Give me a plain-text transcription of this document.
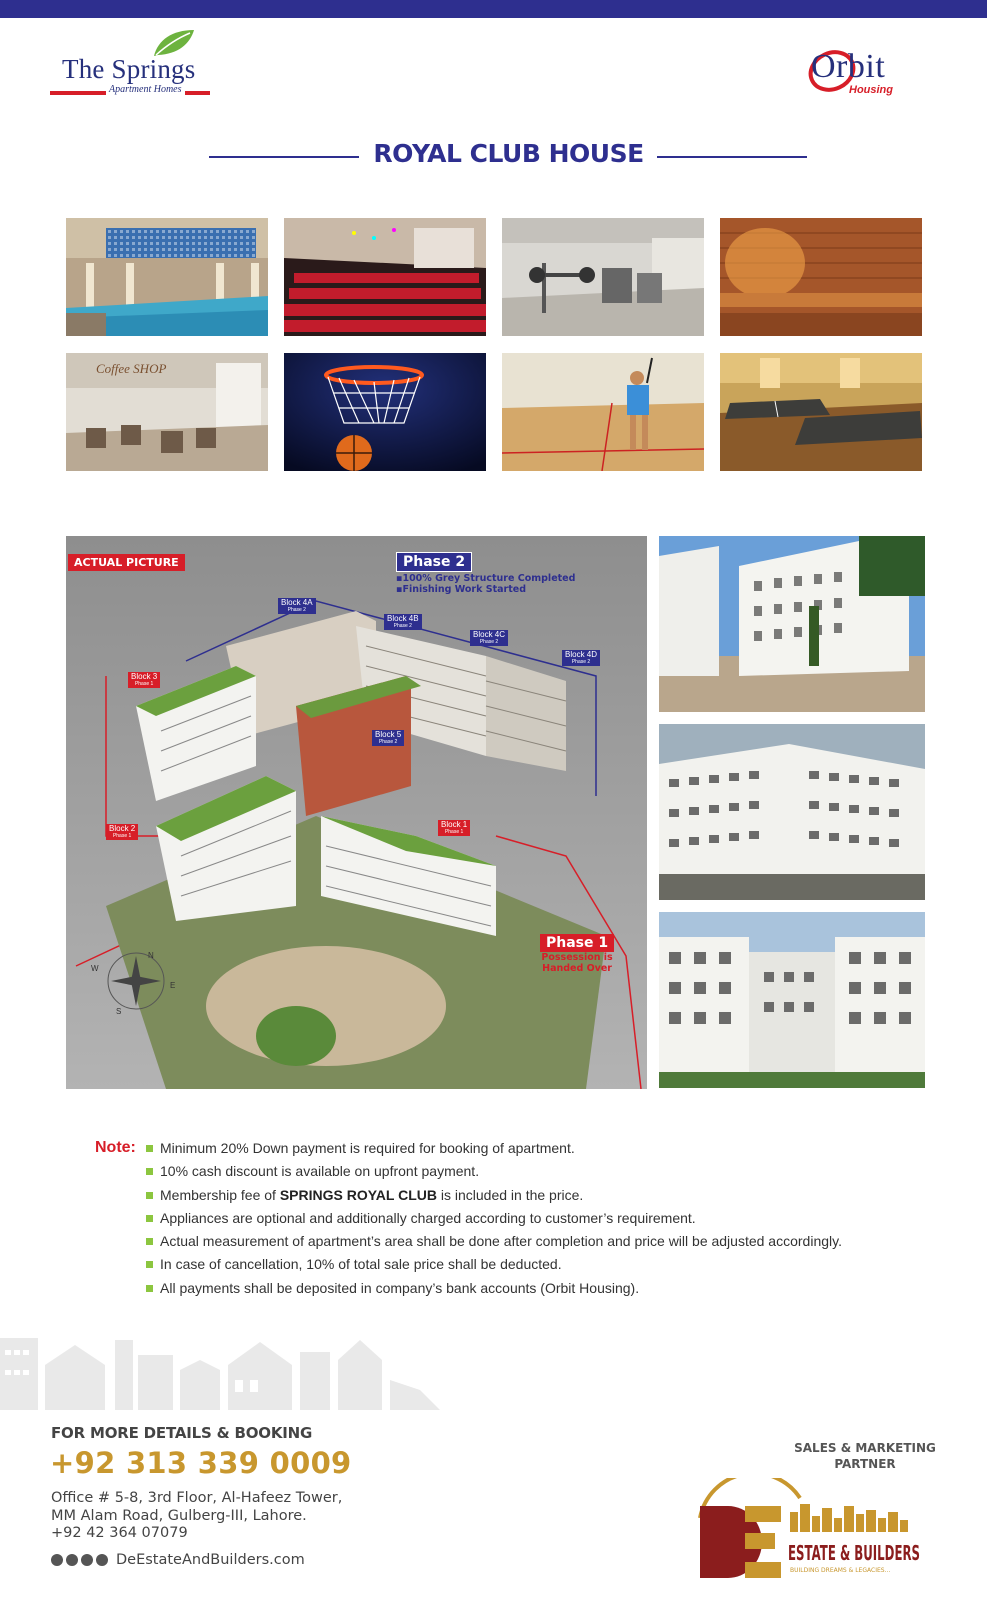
The Springs
Apartment Homes
Orbit
Housing
ROYAL CLUB HOUSE
Coffee SHOP
N
S
E
W
ACTUAL PICTURE	Phase 2
▪100% Grey Structure Completed
▪Finishing Work Started
Phase 1
Possession is
Handed Over
Block 4A
Phase 2
Block 4B
Phase 2
Block 4C
Phase 2
Block 4D
Phase 2
Block 3
Phase 1
Block 5
Phase 2
Block 2
Phase 1
Block 1
Phase 1
Note:	Minimum 20% Down payment is required for booking of apartment.
10% cash discount is available on upfront payment.
Membership fee of SPRINGS ROYAL CLUB is included in the price.
Appliances are optional and additionally charged according to customer’s requirement.
Actual measurement of apartment’s area shall be done after completion and price will be adjusted accordingly.
In case of cancellation, 10% of total sale price shall be deducted.
All payments shall be deposited in company’s bank accounts (Orbit Housing).
FOR MORE DETAILS & BOOKING
+92 313 339 0009
Office # 5-8, 3rd Floor, Al-Hafeez Tower,
MM Alam Road, Gulberg-III, Lahore.
+92 42 364 07079
DeEstateAndBuilders.com
SALES & MARKETING
PARTNER
ESTATE & BUILDERS
BUILDING DREAMS & LEGACIES...
